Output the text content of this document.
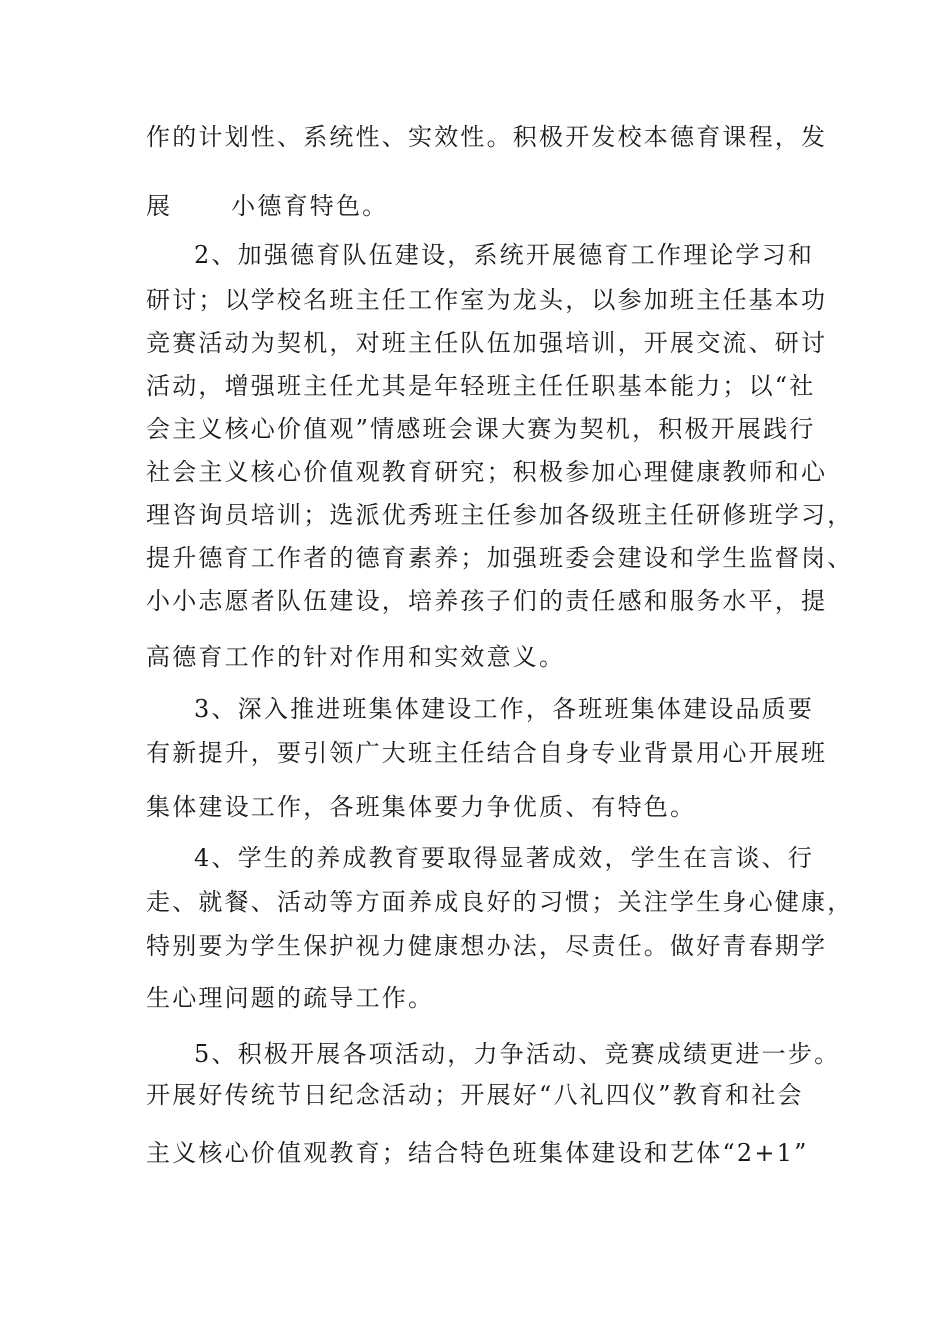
作的计划性、系统性、实效性。积极开发校本德育课程，发
展      小德育特色。
2、加强德育队伍建设，系统开展德育工作理论学习和
研讨；以学校名班主任工作室为龙头，以参加班主任基本功
竞赛活动为契机，对班主任队伍加强培训，开展交流、研讨
活动，增强班主任尤其是年轻班主任任职基本能力；以“社
会主义核心价值观”情感班会课大赛为契机，积极开展践行
社会主义核心价值观教育研究；积极参加心理健康教师和心
理咨询员培训；选派优秀班主任参加各级班主任研修班学习，
提升德育工作者的德育素养；加强班委会建设和学生监督岗、
小小志愿者队伍建设，培养孩子们的责任感和服务水平，提
高德育工作的针对作用和实效意义。
3、深入推进班集体建设工作，各班班集体建设品质要
有新提升，要引领广大班主任结合自身专业背景用心开展班
集体建设工作，各班集体要力争优质、有特色。
4、学生的养成教育要取得显著成效，学生在言谈、行
走、就餐、活动等方面养成良好的习惯；关注学生身心健康，
特别要为学生保护视力健康想办法，尽责任。做好青春期学
生心理问题的疏导工作。
5、积极开展各项活动，力争活动、竞赛成绩更进一步。
开展好传统节日纪念活动；开展好“八礼四仪”教育和社会
主义核心价值观教育；结合特色班集体建设和艺体“2+1”
